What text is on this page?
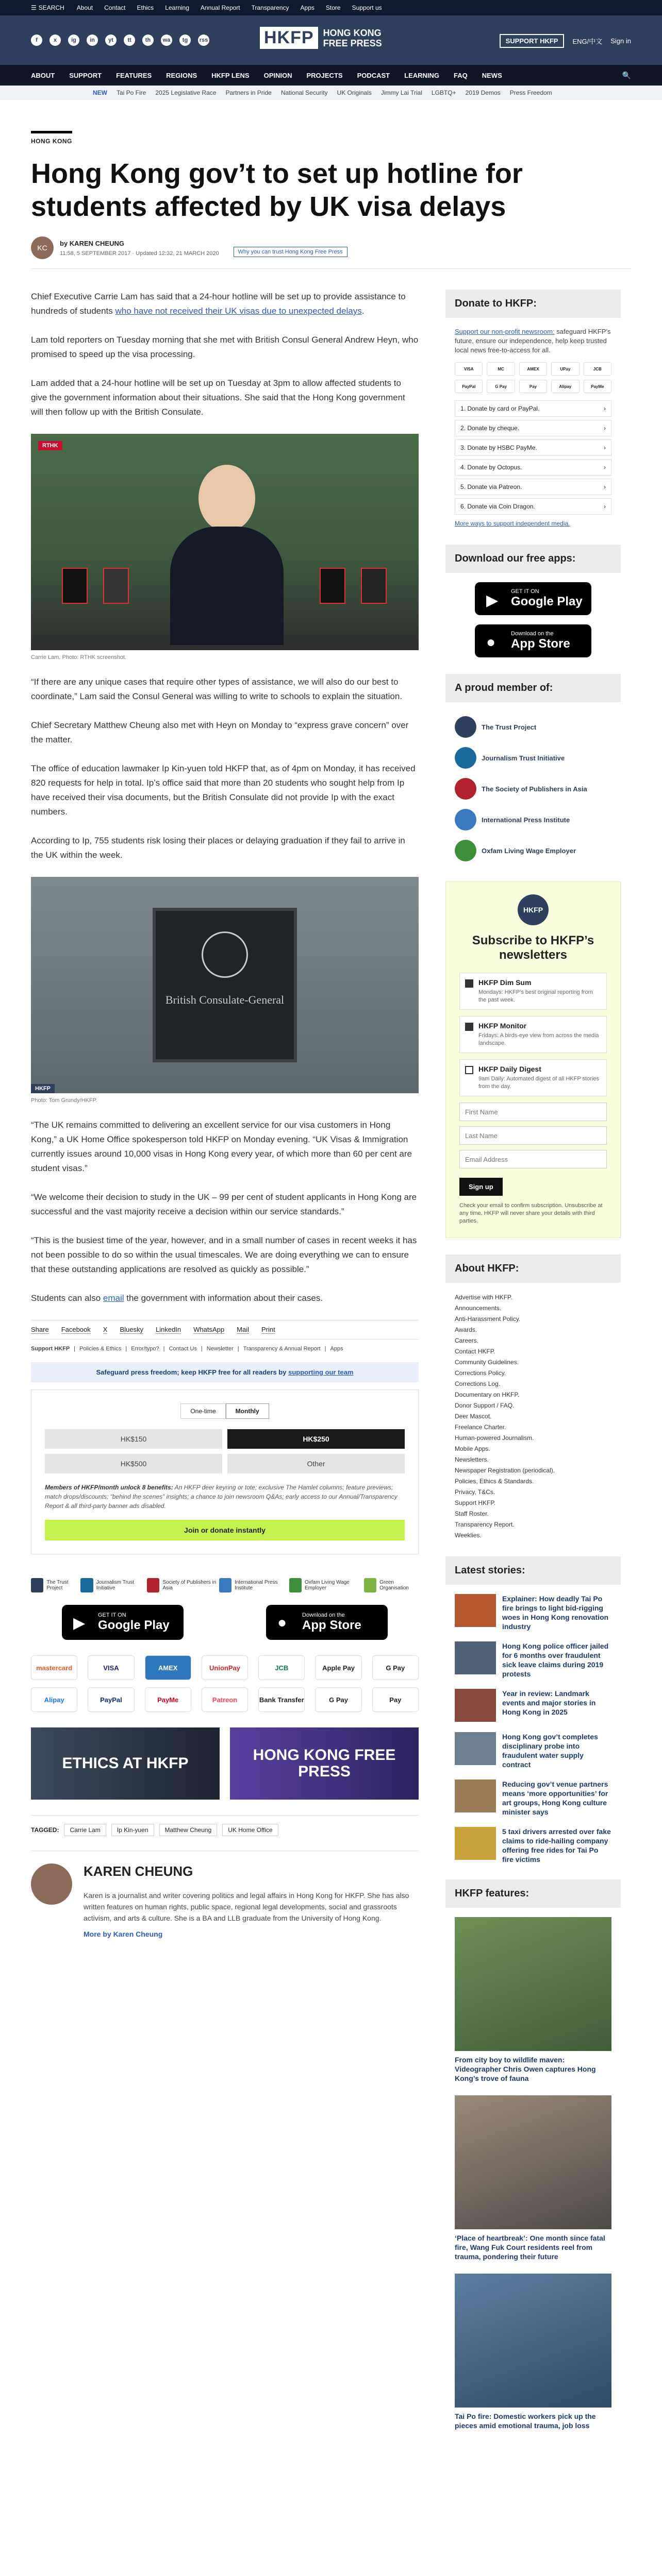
☰ SEARCH About Contact Ethics Learning Annual Report Transparency Apps Store Support us
f	x	ig	in	yt	tt	th	wa	tg	rss	HKFP	HONG KONG
FREE PRESS	SUPPORT HKFP	ENG/中文 Sign in
ABOUT SUPPORT FEATURES REGIONS HKFP LENS OPINION PROJECTS PODCAST LEARNING FAQ NEWS	🔍
NEW Tai Po Fire 2025 Legislative Race Partners in Pride National Security UK Originals Jimmy Lai Trial LGBTQ+ 2019 Demos Press Freedom
HONG KONG
Hong Kong gov’t to set up hotline for students affected by UK visa delays
KC
by KAREN CHEUNG
11:58, 5 SEPTEMBER 2017 · Updated 12:32, 21 MARCH 2020	Why you can trust Hong Kong Free Press

Chief Executive Carrie Lam has said that a 24-hour hotline will be set up to provide assistance to hundreds of students who have not received their UK visas due to unexpected delays.

Lam told reporters on Tuesday morning that she met with British Consul General Andrew Heyn, who promised to speed up the visa processing.

Lam added that a 24-hour hotline will be set up on Tuesday at 3pm to allow affected students to give the government information about their situations. She said that the Hong Kong government will then follow up with the British Consulate.

RTHK
Carrie Lam. Photo: RTHK screenshot.

“If there are any unique cases that require other types of assistance, we will also do our best to coordinate,” Lam said the Consul General was willing to write to schools to explain the situation.

Chief Secretary Matthew Cheung also met with Heyn on Monday to “express grave concern” over the matter.

The office of education lawmaker Ip Kin-yuen told HKFP that, as of 4pm on Monday, it has received 820 requests for help in total. Ip’s office said that more than 20 students who sought help from Ip have received their visa documents, but the British Consulate did not provide Ip with the exact numbers.

According to Ip, 755 students risk losing their places or delaying graduation if they fail to arrive in the UK within the week.

British Consulate-General
HKFP
Photo: Tom Grundy/HKFP.

“The UK remains committed to delivering an excellent service for our visa customers in Hong Kong,” a UK Home Office spokesperson told HKFP on Monday evening. “UK Visas & Immigration currently issues around 10,000 visas in Hong Kong every year, of which more than 60 per cent are student visas.”

“We welcome their decision to study in the UK – 99 per cent of student applicants in Hong Kong are successful and the vast majority receive a decision within our service standards.”

“This is the busiest time of the year, however, and in a small number of cases in recent weeks it has not been possible to do so within the usual timescales. We are doing everything we can to ensure that these outstanding applications are resolved as quickly as possible.”

Students can also email the government with information about their cases.

Share Facebook X Bluesky LinkedIn WhatsApp Mail Print
Support HKFP | Policies & Ethics | Error/typo? | Contact Us | Newsletter | Transparency & Annual Report | Apps
Safeguard press freedom; keep HKFP free for all readers by supporting our team
One-time	Monthly
HK$150	HK$250
HK$500	Other
Members of HKFP/month unlock 8 benefits: An HKFP deer keyring or tote; exclusive The Hamlet columns; feature previews; match drops/discounts; “behind the scenes” insights; a chance to join newsroom Q&As; early access to our Annual/Transparency Report & all third-party banner ads disabled.
Join or donate instantly
The Trust Project
Journalism Trust Initiative
Society of Publishers in Asia
International Press Institute
Oxfam Living Wage Employer
Green Organisation
▶ GET IT ON
Google Play	●	Download on the
App Store
mastercard	VISA	AMEX	UnionPay	JCB	Apple Pay	G Pay
Alipay	PayPal	PayMe	Patreon	Bank Transfer	G Pay	Pay
ETHICS AT HKFP	HONG KONG FREE PRESS
TAGGED:	Carrie Lam	Ip Kin-yuen	Matthew Cheung	UK Home Office
KAREN CHEUNG

Karen is a journalist and writer covering politics and legal affairs in Hong Kong for HKFP. She has also written features on human rights, public space, regional legal developments, social and grassroots activism, and arts & culture. She is a BA and LLB graduate from the University of Hong Kong.

More by Karen Cheung
Donate to HKFP:

Support our non-profit newsroom: safeguard HKFP’s future, ensure our independence, help keep trusted local news free-to-access for all.

VISA	MC	AMEX	UPay	JCB
PayPal	G Pay	Pay	Alipay	PayMe
1. Donate by card or PayPal.	›
2. Donate by cheque.	›
3. Donate by HSBC PayMe.	›
4. Donate by Octopus.	›
5. Donate via Patreon.	›
6. Donate via Coin Dragon.	›
More ways to support independent media.
Download our free apps:
▶
GET IT ON
Google Play
●	Download on the
App Store
A proud member of:
The Trust Project
Journalism Trust Initiative
The Society of Publishers in Asia
International Press Institute
Oxfam Living Wage Employer
HKFP
Subscribe to HKFP’s newsletters
HKFP Dim Sum
Mondays: HKFP’s best original reporting from the past week.
HKFP Monitor
Fridays: A birds-eye view from across the media landscape.
HKFP Daily Digest
9am Daily: Automated digest of all HKFP stories from the day.
First Name
Last Name
Email Address
Sign up

Check your email to confirm subscription. Unsubscribe at any time. HKFP will never share your details with third parties.

About HKFP:
Advertise with HKFP.
Announcements.
Anti-Harassment Policy.
Awards.
Careers.
Contact HKFP.
Community Guidelines.
Corrections Policy.
Corrections Log.
Documentary on HKFP.
Donor Support / FAQ.
Deer Mascot.
Freelance Charter.
Human-powered Journalism.
Mobile Apps.
Newsletters.
Newspaper Registration (periodical).
Policies, Ethics & Standards.
Privacy, T&Cs.
Support HKFP.
Staff Roster.
Transparency Report.
Weeklies.
Latest stories:
Explainer: How deadly Tai Po fire brings to light bid-rigging woes in Hong Kong renovation industry
Hong Kong police officer jailed for 6 months over fraudulent sick leave claims during 2019 protests
Year in review: Landmark events and major stories in Hong Kong in 2025
Hong Kong gov’t completes disciplinary probe into fraudulent water supply contract
Reducing gov’t venue partners means ‘more opportunities’ for art groups, Hong Kong culture minister says
5 taxi drivers arrested over fake claims to ride-hailing company offering free rides for Tai Po fire victims
HKFP features:
From city boy to wildlife maven: Videographer Chris Owen captures Hong Kong’s trove of fauna
‘Place of heartbreak’: One month since fatal fire, Wang Fuk Court residents reel from trauma, pondering their future
Tai Po fire: Domestic workers pick up the pieces amid emotional trauma, job loss
